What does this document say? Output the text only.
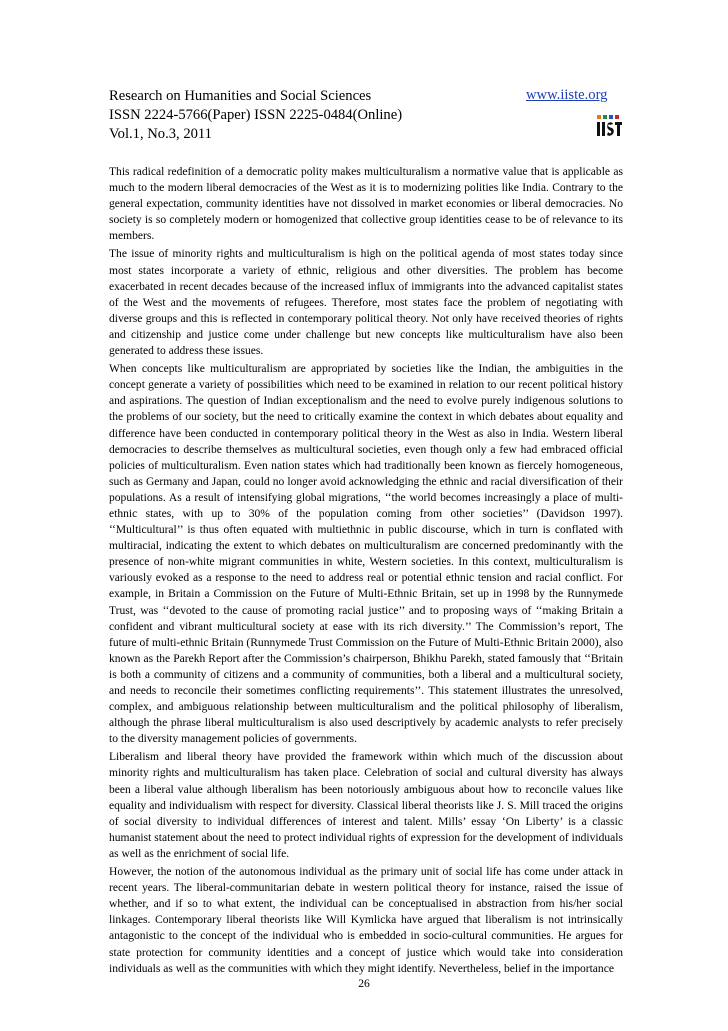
Research on Humanities and Social Sciences	www.iiste.org
ISSN 2224-5766(Paper) ISSN 2225-0484(Online)
Vol.1, No.3, 2011

This radical redefinition of a democratic polity makes multiculturalism a normative value that is applicable as much to the modern liberal democracies of the West as it is to modernizing polities like India. Contrary to the general expectation, community identities have not dissolved in market economies or liberal democracies. No society is so completely modern or homogenized that collective group identities cease to be of relevance to its members.

The issue of minority rights and multiculturalism is high on the political agenda of most states today since most states incorporate a variety of ethnic, religious and other diversities. The problem has become exacerbated in recent decades because of the increased influx of immigrants into the advanced capitalist states of the West and the movements of refugees. Therefore, most states face the problem of negotiating with diverse groups and this is reflected in contemporary political theory. Not only have received theories of rights and citizenship and justice come under challenge but new concepts like multiculturalism have also been generated to address these issues.

When concepts like multiculturalism are appropriated by societies like the Indian, the ambiguities in the concept generate a variety of possibilities which need to be examined in relation to our recent political history and aspirations. The question of Indian exceptionalism and the need to evolve purely indigenous solutions to the problems of our society, but the need to critically examine the context in which debates about equality and difference have been conducted in contemporary political theory in the West as also in India. Western liberal democracies to describe themselves as multicultural societies, even though only a few had embraced official policies of multiculturalism. Even nation states which had traditionally been known as fiercely homogeneous, such as Germany and Japan, could no longer avoid acknowledging the ethnic and racial diversification of their populations. As a result of intensifying global migrations, ‘‘the world becomes increasingly a place of multi-ethnic states, with up to 30% of the population coming from other societies’’ (Davidson 1997). ‘‘Multicultural’’ is thus often equated with multiethnic in public discourse, which in turn is conflated with multiracial, indicating the extent to which debates on multiculturalism are concerned predominantly with the presence of non-white migrant communities in white, Western societies. In this context, multiculturalism is variously evoked as a response to the need to address real or potential ethnic tension and racial conflict. For example, in Britain a Commission on the Future of Multi-Ethnic Britain, set up in 1998 by the Runnymede Trust, was ‘‘devoted to the cause of promoting racial justice’’ and to proposing ways of ‘‘making Britain a confident and vibrant multicultural society at ease with its rich diversity.’’ The Commission’s report, The future of multi-ethnic Britain (Runnymede Trust Commission on the Future of Multi-Ethnic Britain 2000), also known as the Parekh Report after the Commission’s chairperson, Bhikhu Parekh, stated famously that ‘‘Britain is both a community of citizens and a community of communities, both a liberal and a multicultural society, and needs to reconcile their sometimes conflicting requirements’’. This statement illustrates the unresolved, complex, and ambiguous relationship between multiculturalism and the political philosophy of liberalism, although the phrase liberal multiculturalism is also used descriptively by academic analysts to refer precisely to the diversity management policies of governments.

Liberalism and liberal theory have provided the framework within which much of the discussion about minority rights and multiculturalism has taken place. Celebration of social and cultural diversity has always been a liberal value although liberalism has been notoriously ambiguous about how to reconcile values like equality and individualism with respect for diversity. Classical liberal theorists like J. S. Mill traced the origins of social diversity to individual differences of interest and talent. Mills’ essay ‘On Liberty’ is a classic humanist statement about the need to protect individual rights of expression for the development of individuals as well as the enrichment of social life.

However, the notion of the autonomous individual as the primary unit of social life has come under attack in recent years. The liberal-communitarian debate in western political theory for instance, raised the issue of whether, and if so to what extent, the individual can be conceptualised in abstraction from his/her social linkages. Contemporary liberal theorists like Will Kymlicka have argued that liberalism is not intrinsically antagonistic to the concept of the individual who is embedded in socio-cultural communities. He argues for state protection for community identities and a concept of justice which would take into consideration individuals as well as the communities with which they might identify. Nevertheless, belief in the importance

26
